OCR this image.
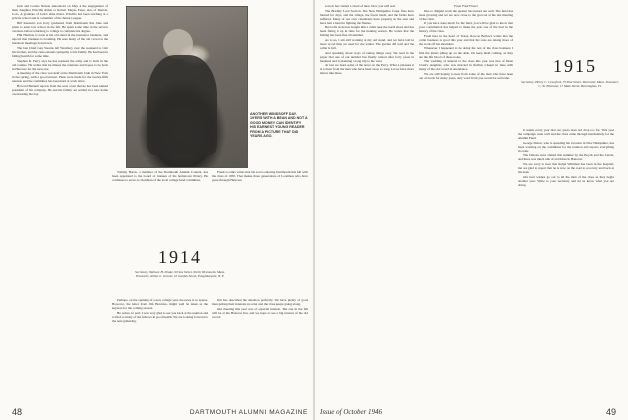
Jack and Louise Nelson announced on May 4 the engagement of their daughter Priscilla Alden to Robert Mayes Estes, also of Denver, Colo. A graduate of Jack's alma mater, Priscilla has been teaching at a private school and is a member of the Junior League.

Bill Keenan's son Jerry graduated from Dartmouth this June and plans to enter law school in the fall. He spent some time in the service overseas before returning to college to complete his degree.

Phil Harmon is back at his old stand in the insurance business, and reports that business is booming. He sees many of the old crowd at the luncheon meetings downtown.

The late Chief Guy Stearns left Westbury over the weekend to visit his brother, and the class extends sympathy to his family. He had been in failing health for some time.

Stephen R. Perry says he has rejoined the army and is back in the old routine. He writes that he misses the reunions and hopes to be back in Hanover for the next one.

A meeting of the class was held at the Dartmouth Club in New York in the spring, with a good turnout. Plans were made for the twenty-fifth reunion and the committee has been hard at work since.

Howard Bennett reports from the west coast that he has been named president of his company. He and his family are settled in a new home overlooking the bay.

ANOTHER WINDSOFF DAY. 19'ERS WITH A BEAN AND NOT A GOOD MONEY CAN IDENTIFY HIS EARNEST YOUNG READER FROM A PICTURE THAT DID YEARS AGO.

Tommy Harris, a member of the Dartmouth Alumni Council, has been appointed to the board of trustees of his hometown library. He continues to serve as chairman of the local college fund committee.

Frank Loomis writes that his son is entering Dartmouth this fall with the class of 1950. That makes three generations of Loomises who have gone through Hanover.

1914
Secretary, Wallace H. Drake, 90 Sea Street, North Weymouth, Mass. Treasurer, Arthur L. Gruner, 10 Garden Street, Poughkeepsie, N. Y.

Perhaps, on the opening of a new college year, the news is so sparse. However, the letter from Jim Hercules, might well be taken as the keynote for the coming season.

He writes, in part: I was very glad to see you back at the reunion and to find so many of the fellows in good health. We are looking forward to the next gathering.

Jim has described the situation perfectly. We have plenty of good men getting their interests in order and the class keeps going along.

Our meeting this year was of especial interest. The one in the fall will be at the Hanover Inn, and we hope to see a big turnout of the old crowd.

sorrow has visited a cloud of men. Now you will see!

The Bradley Lord Section. The New Hampshire forest fires have burned for days, and the village, the forest lands, and the farms have suffered. Many of our own classmates have property in the area and have lent a hand in fighting the flames.

Bert tells us he has bought him a cabin near the north shore and has been fixing it up in time for the hunting season. He writes that the fishing has been fine all summer.

As to us, I am still working at my old stand, and we have laid in more wood than we need for the winter. The garden did well and the cellar is full.

And speaking about ways of taking things easy. We read in the paper that one of our number has finally retired after forty years in business and is planning a long trip to the west.

At last we learn some of the news on the Ferry. What a pleasure it is to hear from the men who have been away so long. Let us have more letters like these.

From Fred Fraser

Due to diligent work the quarter has turned out well. The fund has been growing and we are now close to the goal set at the last meeting of the class.

If you have done much for the fund, you will be glad to know that your contribution has helped to make the year one of the best in the history of the class.

From here in the heart of Texas, Roscoe Bellows writes that the cattle business is good this year and that his sons are taking more of the work off his shoulders.

Whenever I happened to be doing the rest of the class business I find the letters piling up on the desk. Do keep them coming, as they are the life blood of these notes.

The wedding of interest to the class this year was that of Dean Clark's daughter, who was married in Rollins Chapel in June with many of the old crowd in attendance.

We are still hoping to hear from some of the men who have been out of touch for many years. Any word from you would be welcome.

1915
Secretary, Henry C. Crawford, 73 Post Street, Worcester, Mass. Treasurer, C. W. Ebenezer, 17 Main Street, Bennington, Vt.

It seems every year that our quota does not drop too far. This year the campaign went well and the class came through handsomely for the Alumni Fund.

George Dixon, who is spending his vacation in New Hampshire, has been working on the committee for the reunion and reports everything in order.

The Dixons were visited this summer by the Boyds and the Lairds, and there was much talk of old times in Hanover.

We are sorry to hear that Ralph Whitman has been in the hospital, but are glad to report that he is now on the road to recovery and back at his desk.

Our best wishes go out to all the men of the class as they begin another year. Write to your secretary and let us know what you are doing.

48	DARTMOUTH ALUMNI MAGAZINE Issue of October 1946	49
